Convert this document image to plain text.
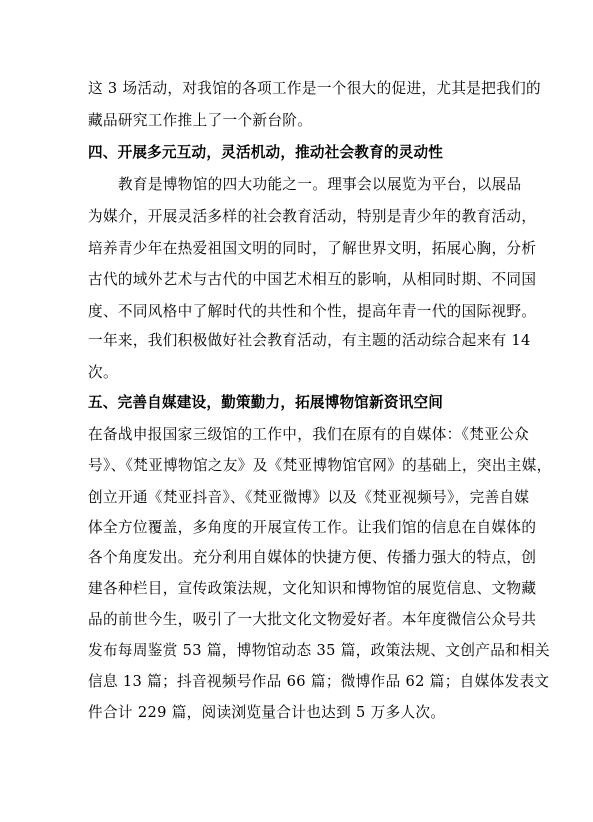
这 3 场活动，对我馆的各项工作是一个很大的促进，尤其是把我们的
藏品研究工作推上了一个新台阶。
四、开展多元互动，灵活机动，推动社会教育的灵动性
教育是博物馆的四大功能之一。理事会以展览为平台，以展品
为媒介，开展灵活多样的社会教育活动，特别是青少年的教育活动，
培养青少年在热爱祖国文明的同时，了解世界文明，拓展心胸，分析
古代的域外艺术与古代的中国艺术相互的影响，从相同时期、不同国
度、不同风格中了解时代的共性和个性，提高年青一代的国际视野。
一年来，我们积极做好社会教育活动，有主题的活动综合起来有 14
次。
五、完善自媒建设，勤策勤力，拓展博物馆新资讯空间
在备战申报国家三级馆的工作中，我们在原有的自媒体：《梵亚公众
号》、《梵亚博物馆之友》及《梵亚博物馆官网》的基础上，突出主媒，
创立开通《梵亚抖音》、《梵亚微博》以及《梵亚视频号》，完善自媒
体全方位覆盖，多角度的开展宣传工作。让我们馆的信息在自媒体的
各个角度发出。充分利用自媒体的快捷方便、传播力强大的特点，创
建各种栏目，宣传政策法规，文化知识和博物馆的展览信息、文物藏
品的前世今生，吸引了一大批文化文物爱好者。本年度微信公众号共
发布每周鉴赏 53 篇，博物馆动态 35 篇，政策法规、文创产品和相关
信息 13 篇；抖音视频号作品 66 篇；微博作品 62 篇；自媒体发表文
件合计 229 篇，阅读浏览量合计也达到 5 万多人次。
